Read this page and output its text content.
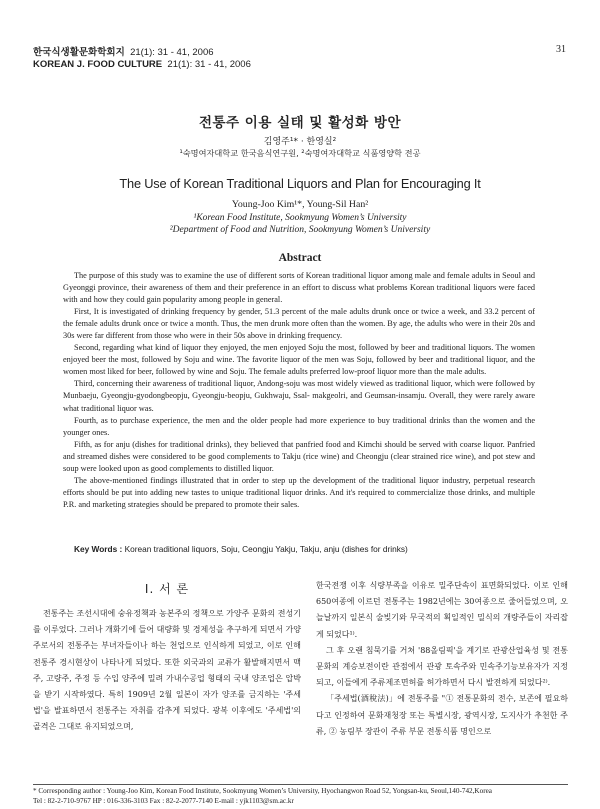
한국식생활문화학회지 21(1): 31 - 41, 2006
KOREAN J. FOOD CULTURE 21(1): 31 - 41, 2006
31
전통주 이용 실태 및 활성화 방안
김영주¹* · 한영실²
¹숙명여자대학교 한국음식연구원, ²숙명여자대학교 식품영양학 전공
The Use of Korean Traditional Liquors and Plan for Encouraging It
Young-Joo Kim¹*, Young-Sil Han²
¹Korean Food Institute, Sookmyung Women’s University
²Department of Food and Nutrition, Sookmyung Women’s University
Abstract

The purpose of this study was to examine the use of different sorts of Korean traditional liquor among male and female adults in Seoul and Gyeonggi province, their awareness of them and their preference in an effort to discuss what problems Korean traditional liquors were faced with and how they could gain popularity among people in general.

First, It is investigated of drinking frequency by gender, 51.3 percent of the male adults drunk once or twice a week, and 33.2 percent of the female adults drunk once or twice a month. Thus, the men drunk more often than the women. By age, the adults who were in their 20s and 30s were far different from those who were in their 50s above in drinking frequency.

Second, regarding what kind of liquor they enjoyed, the men enjoyed Soju the most, followed by beer and traditional liquors. The women enjoyed beer the most, followed by Soju and wine. The favorite liquor of the men was Soju, followed by beer and traditional liquor, and the women most liked for beer, followed by wine and Soju. The female adults preferred low-proof liquor more than the male adults.

Third, concerning their awareness of traditional liquor, Andong-soju was most widely viewed as traditional liquor, which were followed by Munbaeju, Gyeongju-gyodongbeopju, Gyeongju-beopju, Gukhwaju, Ssal- makgeolri, and Geumsan-insamju. Overall, they were rarely aware what traditional liquor was.

Fourth, as to purchase experience, the men and the older people had more experience to buy traditional drinks than the women and the younger ones.

Fifth, as for anju (dishes for traditional drinks), they believed that panfried food and Kimchi should be served with coarse liquor. Panfried and streamed dishes were considered to be good complements to Takju (rice wine) and Cheongju (clear strained rice wine), and pot stew and soup were looked upon as good complements to distilled liquor.

The above-mentioned findings illustrated that in order to step up the development of the traditional liquor industry, perpetual research efforts should be put into adding new tastes to unique traditional liquor drinks. And it's required to commercialize those drinks, and multiple P.R. and marketing strategies should be prepared to promote their sales.

Key Words : Korean traditional liquors, Soju, Ceongju Yakju, Takju, anju (dishes for drinks)
I. 서 론

전통주는 조선시대에 숭유정책과 농본주의 정책으로 가양주 문화의 전성기를 이루었다. 그러나 개화기에 들어 대량화 및 경제성을 추구하게 되면서 가양주로서의 전통주는 부녀자들이나 하는 천업으로 인식하게 되었고, 이로 인해 전통주 경시현상이 나타나게 되었다. 또한 외국과의 교류가 활발해지면서 맥주, 고량주, 주정 등 수입 양주에 밀려 가내수공업 형태의 국내 양조업은 압박을 받기 시작하였다. 특히 1909년 2월 일본이 자가 양조를 금지하는 '주세법'을 발표하면서 전통주는 자취를 감추게 되었다. 광복 이후에도 '주세법'의 골격은 그대로 유지되었으며,

한국전쟁 이후 식량부족을 이유로 밀주단속이 표면화되었다. 이로 인해 650여종에 이르던 전통주는 1982년에는 30여종으로 줄어들었으며, 오늘날까지 일본식 술빚기와 무국적의 획일적인 밀식의 개량주들이 자리잡게 되었다¹⁾.

그 후 오랜 침묵기를 거쳐 '88올림픽'을 계기로 관광산업육성 및 전통문화의 계승보전이란 관점에서 관광 토속주와 민속주기능보유자가 지정되고, 이들에게 주류제조면허를 허가하면서 다시 발전하게 되었다²⁾.

「주세법(酒稅法)」에 전통주를 "① 전통문화의 전수, 보존에 필요하다고 인정하여 문화재청장 또는 특별시장, 광역시장, 도지사가 추천한 주류, ② 농림부 장관이 주류 부문 전통식품 명인으로

* Corresponding author : Young-Joo Kim, Korean Food Institute, Sookmyung Women’s University, Hyochangwon Road 52, Yongsan-ku, Seoul,140-742,Korea
Tel : 82-2-710-9767 HP : 016-336-3103 Fax : 82-2-2077-7140 E-mail : yjk1103@sm.ac.kr
